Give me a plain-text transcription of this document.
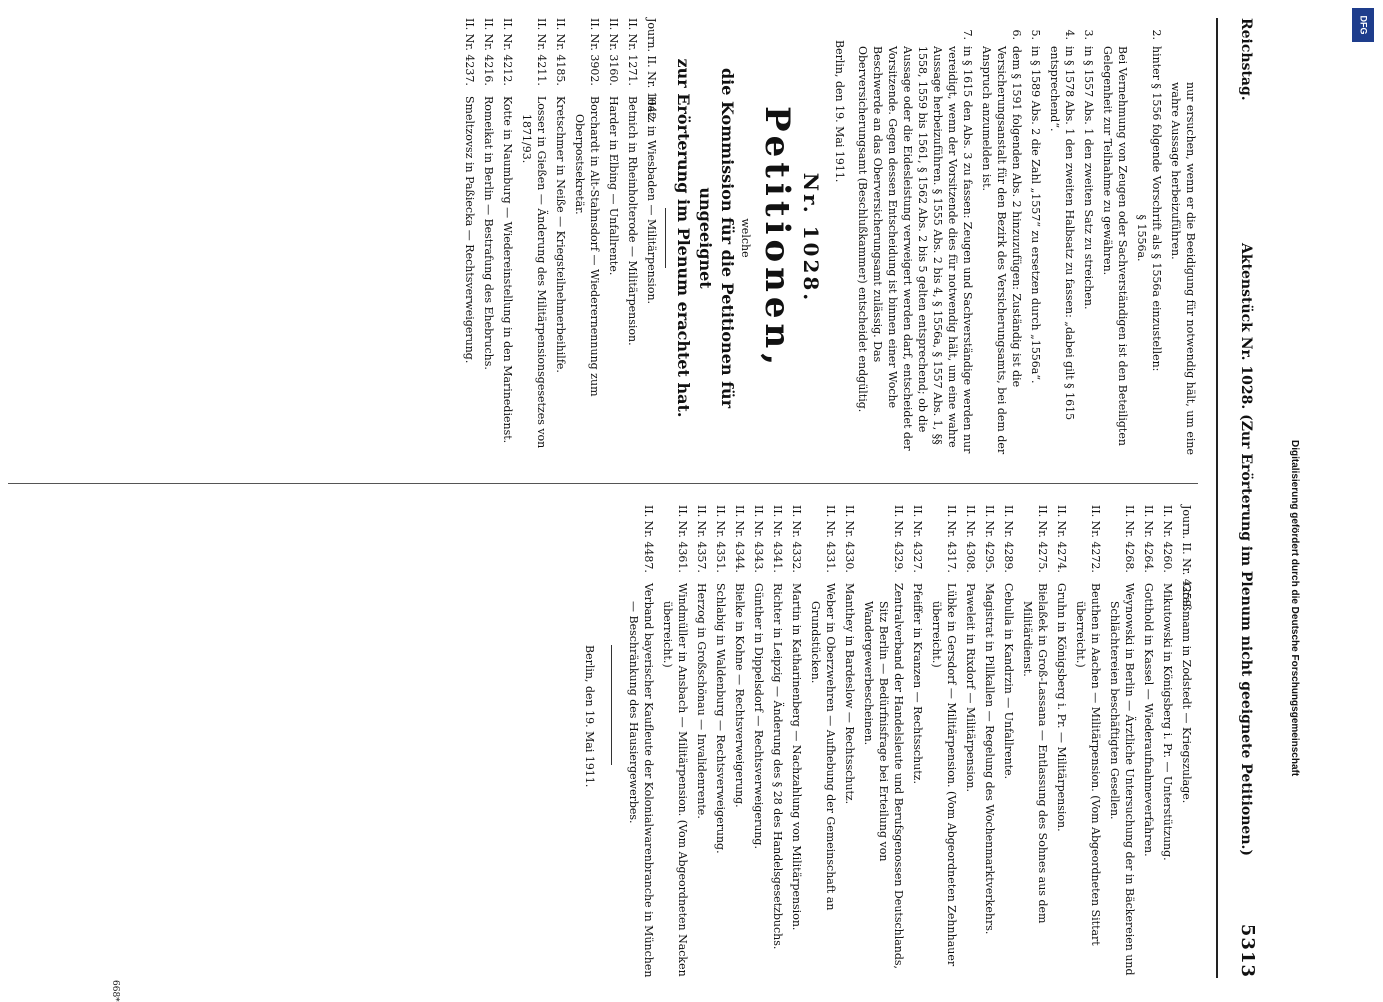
Reichstag.
Aktenstück Nr. 1028. (Zur Erörterung im Plenum nicht geeignete Petitionen.)
5313

nur ersuchen, wenn er die Beeidigung für notwendig hält, um eine wahre Aussage herbeizuführen.

2.
hinter § 1556 folgende Vorschrift als § 1556a einzustellen:

§ 1556a.

Bei Vernehmung von Zeugen oder Sachverständigen ist den Beteiligten Gelegenheit zur Teilnahme zu gewähren.
3.
in § 1557 Abs. 1 den zweiten Satz zu streichen.
4.
in § 1578 Abs. 1 den zweiten Halbsatz zu fassen: „dabei gilt § 1615 entsprechend“.
5.
in § 1589 Abs. 2 die Zahl „1557“ zu ersetzen durch „1556a“.
6.
dem § 1591 folgenden Abs. 2 hinzuzufügen: Zuständig ist die Versicherungsanstalt für den Bezirk des Versicherungsamts, bei dem der Anspruch anzumelden ist.
7.
in § 1615 den Abs. 3 zu fassen: Zeugen und Sachverständige werden nur vereidigt, wenn der Vorsitzende dies für notwendig hält, um eine wahre Aussage herbeizuführen. § 1555 Abs. 2 bis 4, § 1556a, § 1557 Abs. 1, §§ 1558, 1559 bis 1561, § 1562 Abs. 2 bis 5 gelten entsprechend; ob die Aussage oder die Eidesleistung verweigert werden darf, entscheidet der Vorsitzende. Gegen dessen Entscheidung ist binnen einer Woche Beschwerde an das Oberversicherungsamt zulässig. Das Oberversicherungsamt (Beschlußkammer) entscheidet endgültig.

Berlin, den 19. Mai 1911.

Nr. 1028.

Petitionen,

welche

die Kommission für die Petitionen für ungeeignet

zur Erörterung im Plenum erachtet hat.

Journ. II. Nr. 1042.
Hatz in Wiesbaden — Militärpension.
II. Nr. 1271.
Betnich in Rheinholterode — Militärpension.
II. Nr. 3160.
Harder in Elbing — Unfallrente.
II. Nr. 3902.
Borchardt in Alt-Stahnsdorf — Wiederernennung zum Oberpostsekretär.
II. Nr. 4185.
Kretschmer in Neiße — Kriegsteilnehmerbeihilfe.
II. Nr. 4211.
Losser in Gießen — Änderung des Militärpensionsgesetzes von 1871/93.
II. Nr. 4212.
Kotte in Naumburg — Wiedereinstellung in den Marinedienst.
II. Nr. 4216.
Romeikat in Berlin — Bestrafung des Ehebruchs.
II. Nr. 4237.
Smeltzovsz in Paßiecka — Rechtsverweigerung.
Journ. II. Nr. 4259.
Graßmann in Zodstedt — Kriegszulage.
II. Nr. 4260.
Mikutowski in Königsberg i. Pr. — Unterstützung.
II. Nr. 4264.
Gotthold in Kassel — Wiederaufnahmeverfahren.
II. Nr. 4268.
Weynowski in Berlin — Ärztliche Untersuchung der in Bäckereien und Schlächtereien beschäftigten Gesellen.
II. Nr. 4272.
Beuthen in Aachen — Militärpension. (Vom Abgeordneten Sittart überreicht.)
II. Nr. 4274.
Gruhn in Königsberg i. Pr. — Militärpension.
II. Nr. 4275.
Bielaßek in Groß-Lassana — Entlassung des Sohnes aus dem Militärdienst.
II. Nr. 4289.
Cebulla in Kandrzin — Unfallrente.
II. Nr. 4295.
Magistrat in Pillkallen — Regelung des Wochenmarktverkehrs.
II. Nr. 4308.
Paweleit in Rixdorf — Militärpension.
II. Nr. 4317.
Lübke in Gersdorf — Militärpension. (Vom Abgeordneten Zehnhauer überreicht.)
II. Nr. 4327.
Pfeiffer in Kranzen — Rechtsschutz.
II. Nr. 4329.
Zentralverband der Handelsleute und Berufsgenossen Deutschlands, Sitz Berlin — Bedürfnisfrage bei Erteilung von Wandergewerbescheinen.
II. Nr. 4330.
Manthey in Bardeslow — Rechtsschutz.
II. Nr. 4331.
Weber in Oberzwehren — Aufhebung der Gemeinschaft an Grundstücken.
II. Nr. 4332.
Martin in Katharinenberg — Nachzahlung von Militärpension.
II. Nr. 4341.
Richter in Leipzig — Änderung des § 28 des Handelsgesetzbuchs.
II. Nr. 4343.
Günther in Dippelsdorf — Rechtsverweigerung.
II. Nr. 4344.
Bielke in Kohne — Rechtsverweigerung.
II. Nr. 4351.
Schlabig in Waldenburg — Rechtsverweigerung.
II. Nr. 4357.
Herzog in Großschönau — Invalidenrente.
II. Nr. 4361.
Windmüller in Ansbach — Militärpension. (Vom Abgeordneten Nacken überreicht.)
II. Nr. 4487.
Verband bayerischer Kaufleute der Kolonialwarenbranche in München — Beschränkung des Hausiergewerbes.

Berlin, den 19. Mai 1911.

668*
DFG
Digitalisierung gefördert durch die Deutsche Forschungsgemeinschaft
